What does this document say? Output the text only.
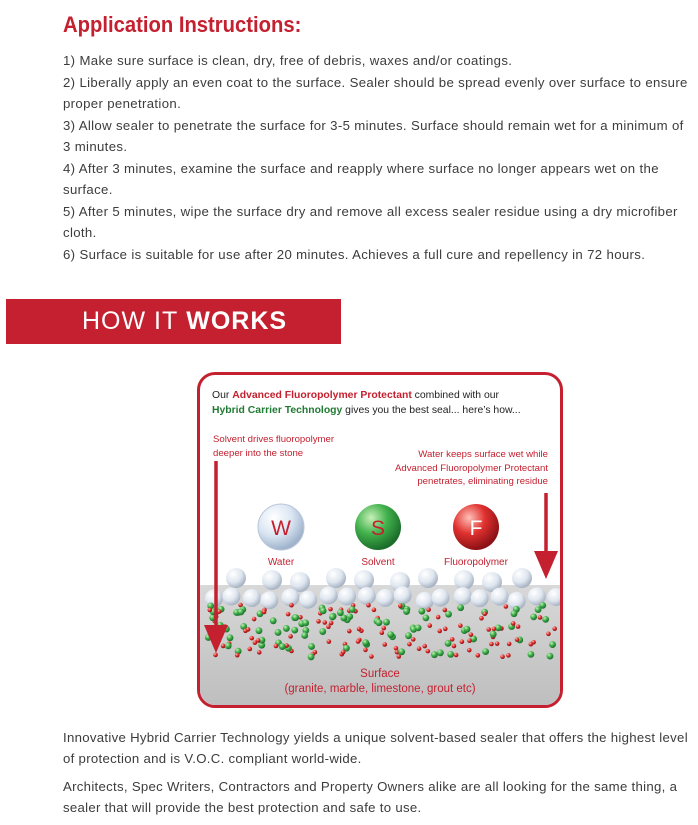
Application Instructions:
1) Make sure surface is clean, dry, free of debris, waxes and/or coatings.
2) Liberally apply an even coat to the surface. Sealer should be spread evenly over surface to ensure proper penetration.
3) Allow sealer to penetrate the surface for 3-5 minutes. Surface should remain wet for a minimum of 3 minutes.
4) After 3 minutes, examine the surface and reapply where surface no longer appears wet on the surface.
5) After 5 minutes, wipe the surface dry and remove all excess sealer residue using a dry microfiber cloth.
6) Surface is suitable for use after 20 minutes. Achieves a full cure and repellency in 72 hours.
HOW IT WORKS
W
Water
S
Solvent
F
Fluoropolymer
Our Advanced Fluoropolymer Protectant combined with our
Hybrid Carrier Technology gives you the best seal... here’s how...
Solvent drives fluoropolymer
deeper into the stone	Water keeps surface wet while
Advanced Fluoropolymer Protectant
penetrates, eliminating residue
Surface
(granite, marble, limestone, grout etc)

Innovative Hybrid Carrier Technology yields a unique solvent-based sealer that offers the highest level of protection and is V.O.C. compliant world-wide.

Architects, Spec Writers, Contractors and Property Owners alike are all looking for the same thing, a sealer that will provide the best protection and safe to use.
